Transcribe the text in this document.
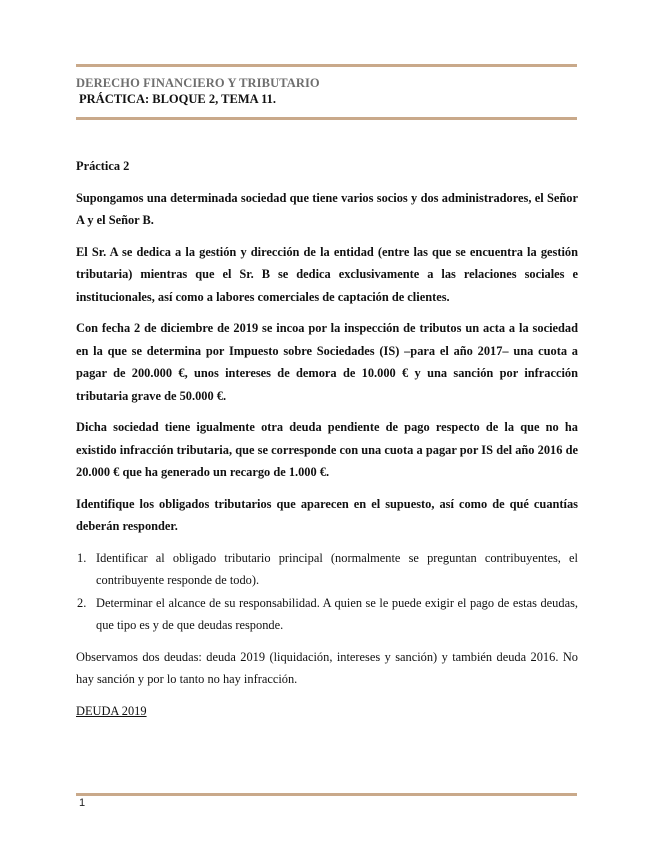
DERECHO FINANCIERO Y TRIBUTARIO
PRÁCTICA: BLOQUE 2, TEMA 11.

Práctica 2

Supongamos una determinada sociedad que tiene varios socios y dos administradores, el Señor A y el Señor B.

El Sr. A se dedica a la gestión y dirección de la entidad (entre las que se encuentra la gestión tributaria) mientras que el Sr. B se dedica exclusivamente a las relaciones sociales e institucionales, así como a labores comerciales de captación de clientes.

Con fecha 2 de diciembre de 2019 se incoa por la inspección de tributos un acta a la sociedad en la que se determina por Impuesto sobre Sociedades (IS) –para el año 2017– una cuota a pagar de 200.000 €, unos intereses de demora de 10.000 € y una sanción por infracción tributaria grave de 50.000 €.

Dicha sociedad tiene igualmente otra deuda pendiente de pago respecto de la que no ha existido infracción tributaria, que se corresponde con una cuota a pagar por IS del año 2016 de 20.000 € que ha generado un recargo de 1.000 €.

Identifique los obligados tributarios que aparecen en el supuesto, así como de qué cuantías deberán responder.

1. Identificar al obligado tributario principal (normalmente se preguntan contribuyentes, el contribuyente responde de todo).
2. Determinar el alcance de su responsabilidad. A quien se le puede exigir el pago de estas deudas, que tipo es y de que deudas responde.

Observamos dos deudas: deuda 2019 (liquidación, intereses y sanción) y también deuda 2016. No hay sanción y por lo tanto no hay infracción.

DEUDA 2019

1
